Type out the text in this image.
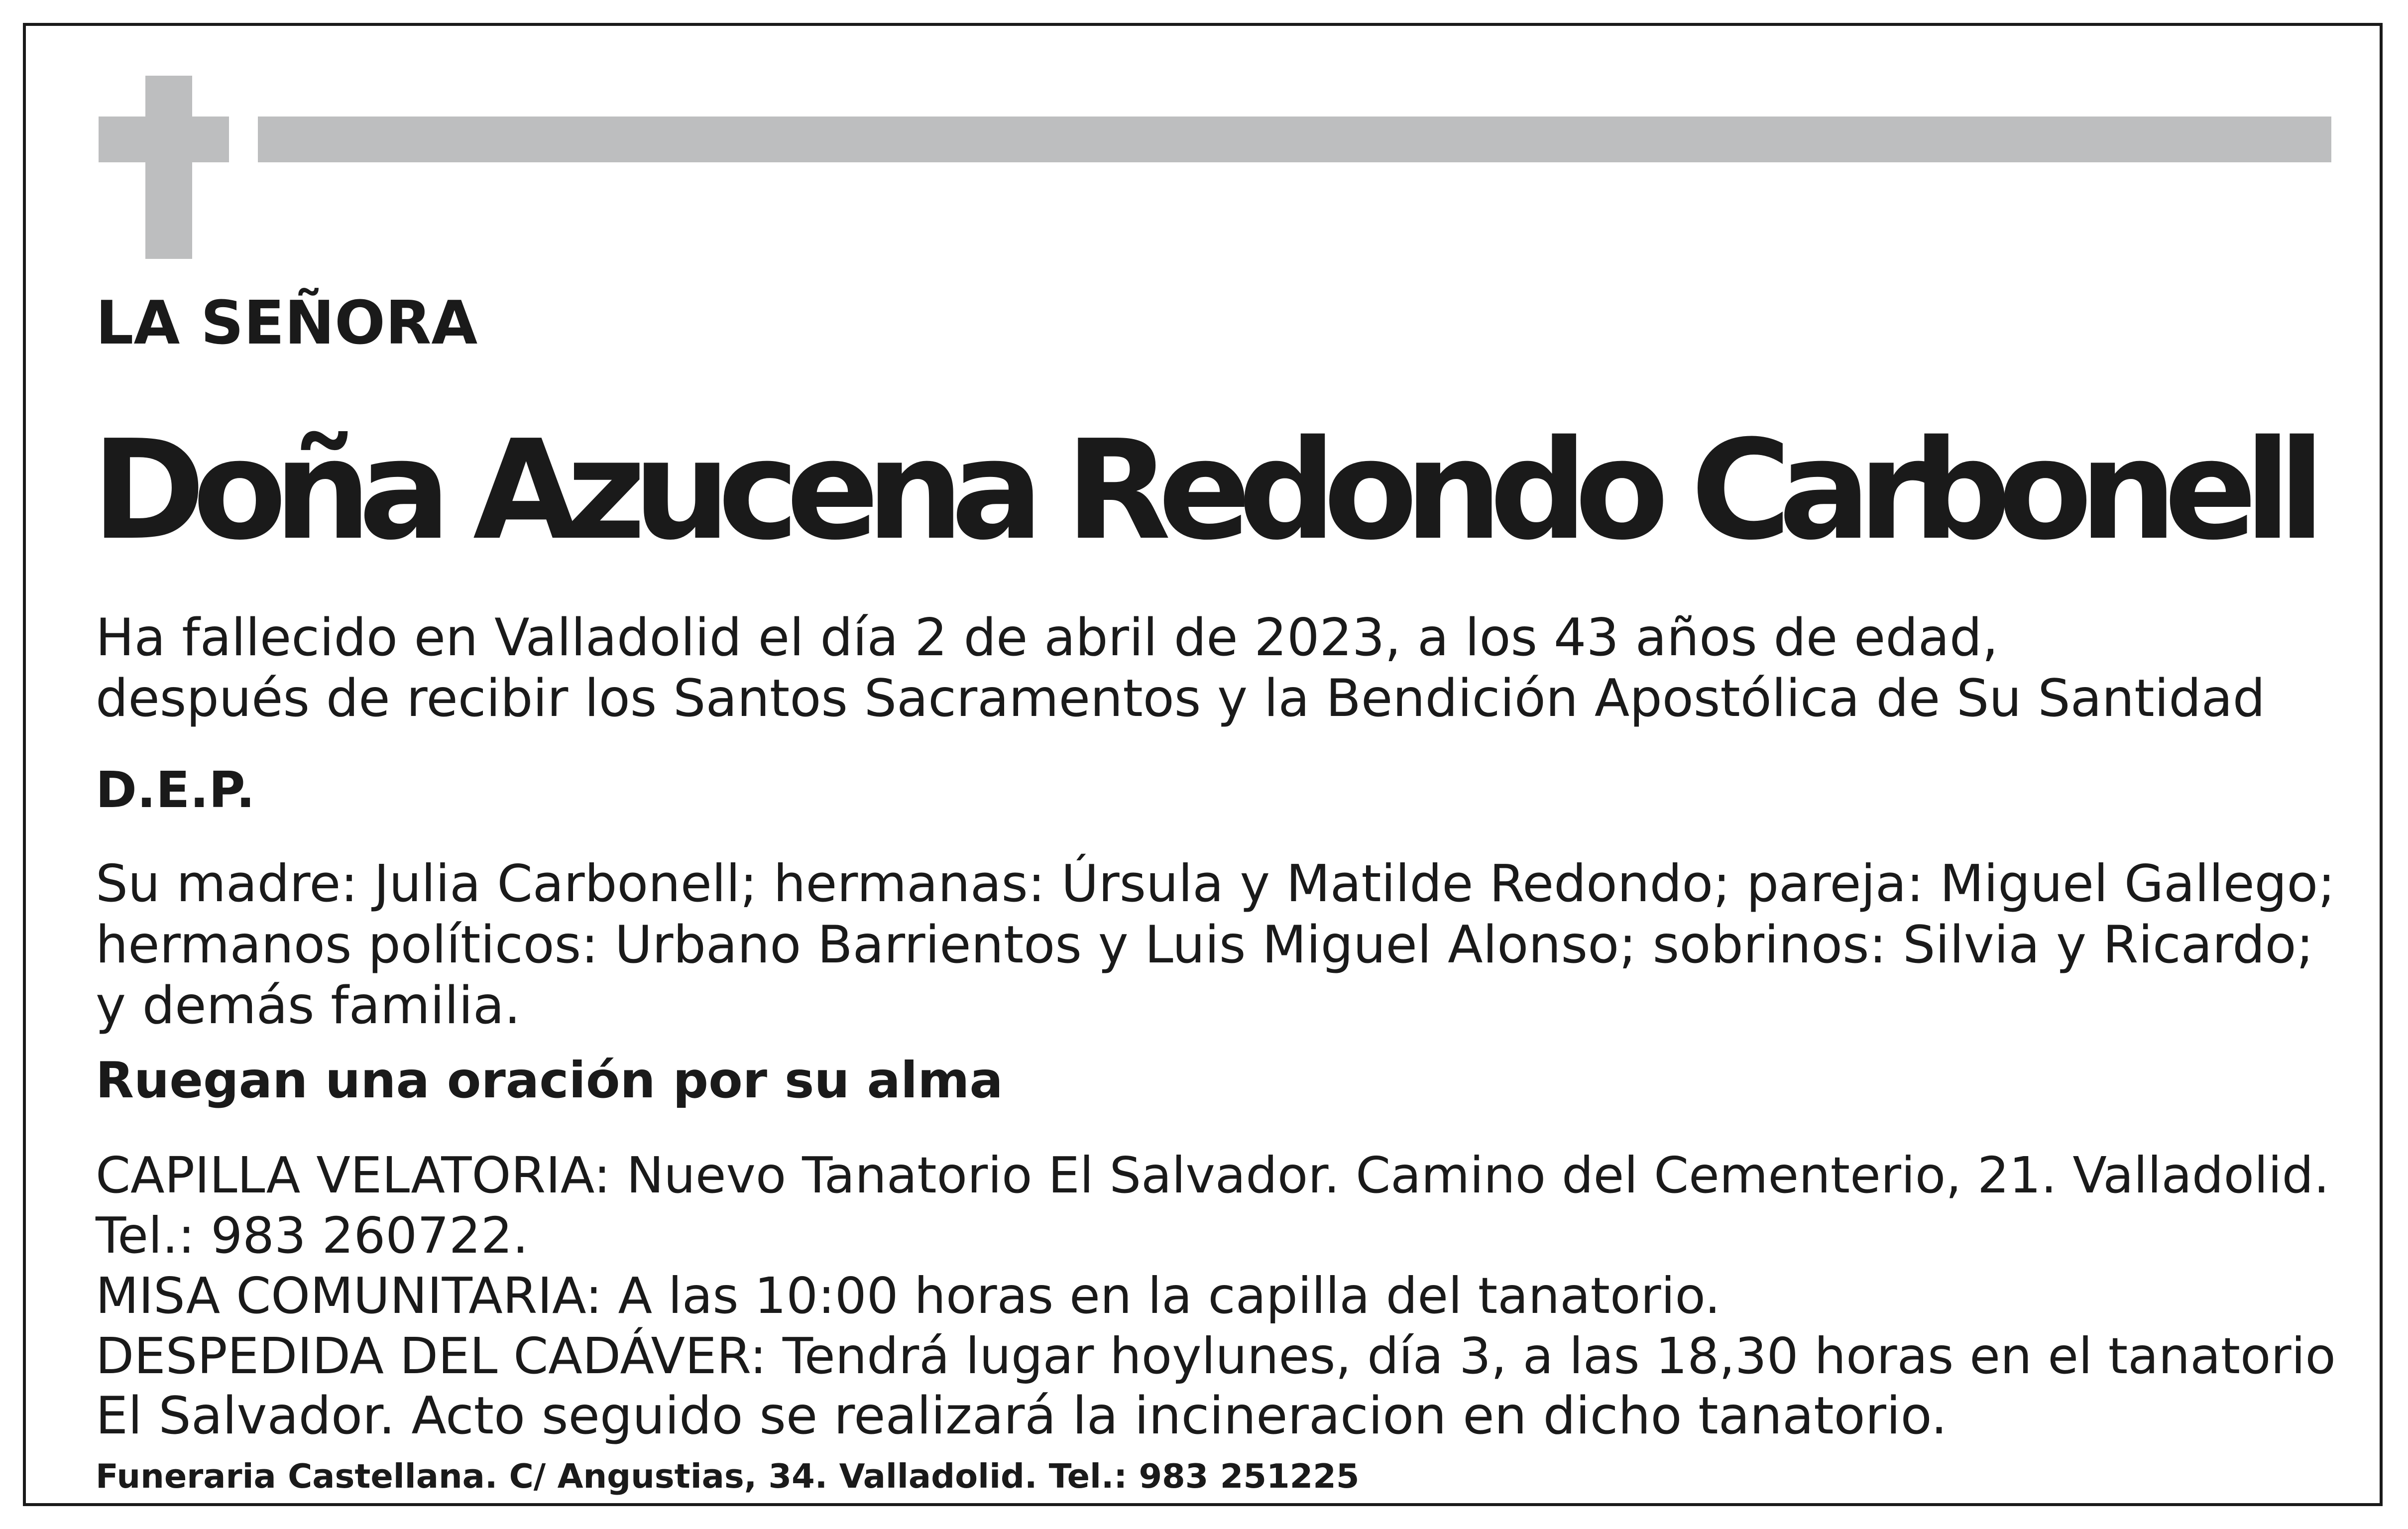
LA SEÑORA
Doña Azucena Redondo Carbonell
Ha fallecido en Valladolid el día 2 de abril de 2023, a los 43 años de edad,
después de recibir los Santos Sacramentos y la Bendición Apostólica de Su Santidad
D.E.P.
Su madre: Julia Carbonell; hermanas: Úrsula y Matilde Redondo; pareja: Miguel Gallego;
hermanos políticos: Urbano Barrientos y Luis Miguel Alonso; sobrinos: Silvia y Ricardo;
y demás familia.
Ruegan una oración por su alma
CAPILLA VELATORIA: Nuevo Tanatorio El Salvador. Camino del Cementerio, 21. Valladolid.
Tel.: 983 260722.
MISA COMUNITARIA: A las 10:00 horas en la capilla del tanatorio.
DESPEDIDA DEL CADÁVER: Tendrá lugar hoylunes, día 3, a las 18,30 horas en el tanatorio
El Salvador. Acto seguido se realizará la incineracion en dicho tanatorio.
Funeraria Castellana. C/ Angustias, 34. Valladolid. Tel.: 983 251225
